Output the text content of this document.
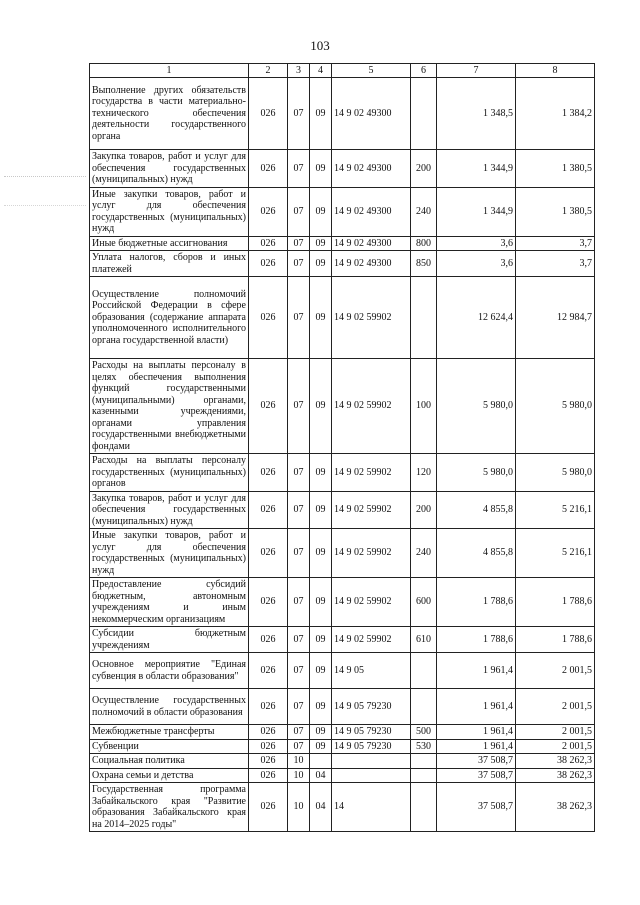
103
1	2	3	4	5	6	7	8
Выполнение других обязательств государства в части материально-технического обеспечения деятельности государственного органа	026	07	09	14 9 02 49300		1 348,5	1 384,2
Закупка товаров, работ и услуг для обеспечения государственных (муниципальных) нужд	026	07	09	14 9 02 49300	200	1 344,9	1 380,5
Иные закупки товаров, работ и услуг для обеспечения государственных (муниципальных) нужд	026	07	09	14 9 02 49300	240	1 344,9	1 380,5
Иные бюджетные ассигнования	026	07	09	14 9 02 49300	800	3,6	3,7
Уплата налогов, сборов и иных платежей	026	07	09	14 9 02 49300	850	3,6	3,7
Осуществление полномочий Российской Федерации в сфере образования (содержание аппарата уполномоченного исполнительного органа государственной власти)	026	07	09	14 9 02 59902		12 624,4	12 984,7
Расходы на выплаты персоналу в целях обеспечения выполнения функций государственными (муниципальными) органами, казенными учреждениями, органами управления государственными внебюджетными фондами	026	07	09	14 9 02 59902	100	5 980,0	5 980,0
Расходы на выплаты персоналу государственных (муниципальных) органов	026	07	09	14 9 02 59902	120	5 980,0	5 980,0
Закупка товаров, работ и услуг для обеспечения государственных (муниципальных) нужд	026	07	09	14 9 02 59902	200	4 855,8	5 216,1
Иные закупки товаров, работ и услуг для обеспечения государственных (муниципальных) нужд	026	07	09	14 9 02 59902	240	4 855,8	5 216,1
Предоставление субсидий бюджетным, автономным учреждениям и иным некоммерческим организациям	026	07	09	14 9 02 59902	600	1 788,6	1 788,6
Субсидии бюджетным учреждениям	026	07	09	14 9 02 59902	610	1 788,6	1 788,6
Основное мероприятие "Единая субвенция в области образования"	026	07	09	14 9 05		1 961,4	2 001,5
Осуществление государственных полномочий в области образования	026	07	09	14 9 05 79230		1 961,4	2 001,5
Межбюджетные трансферты	026	07	09	14 9 05 79230	500	1 961,4	2 001,5
Субвенции	026	07	09	14 9 05 79230	530	1 961,4	2 001,5
Социальная политика	026	10				37 508,7	38 262,3
Охрана семьи и детства	026	10	04			37 508,7	38 262,3
Государственная программа Забайкальского края "Развитие образования Забайкальского края на 2014–2025 годы"	026	10	04	14		37 508,7	38 262,3
